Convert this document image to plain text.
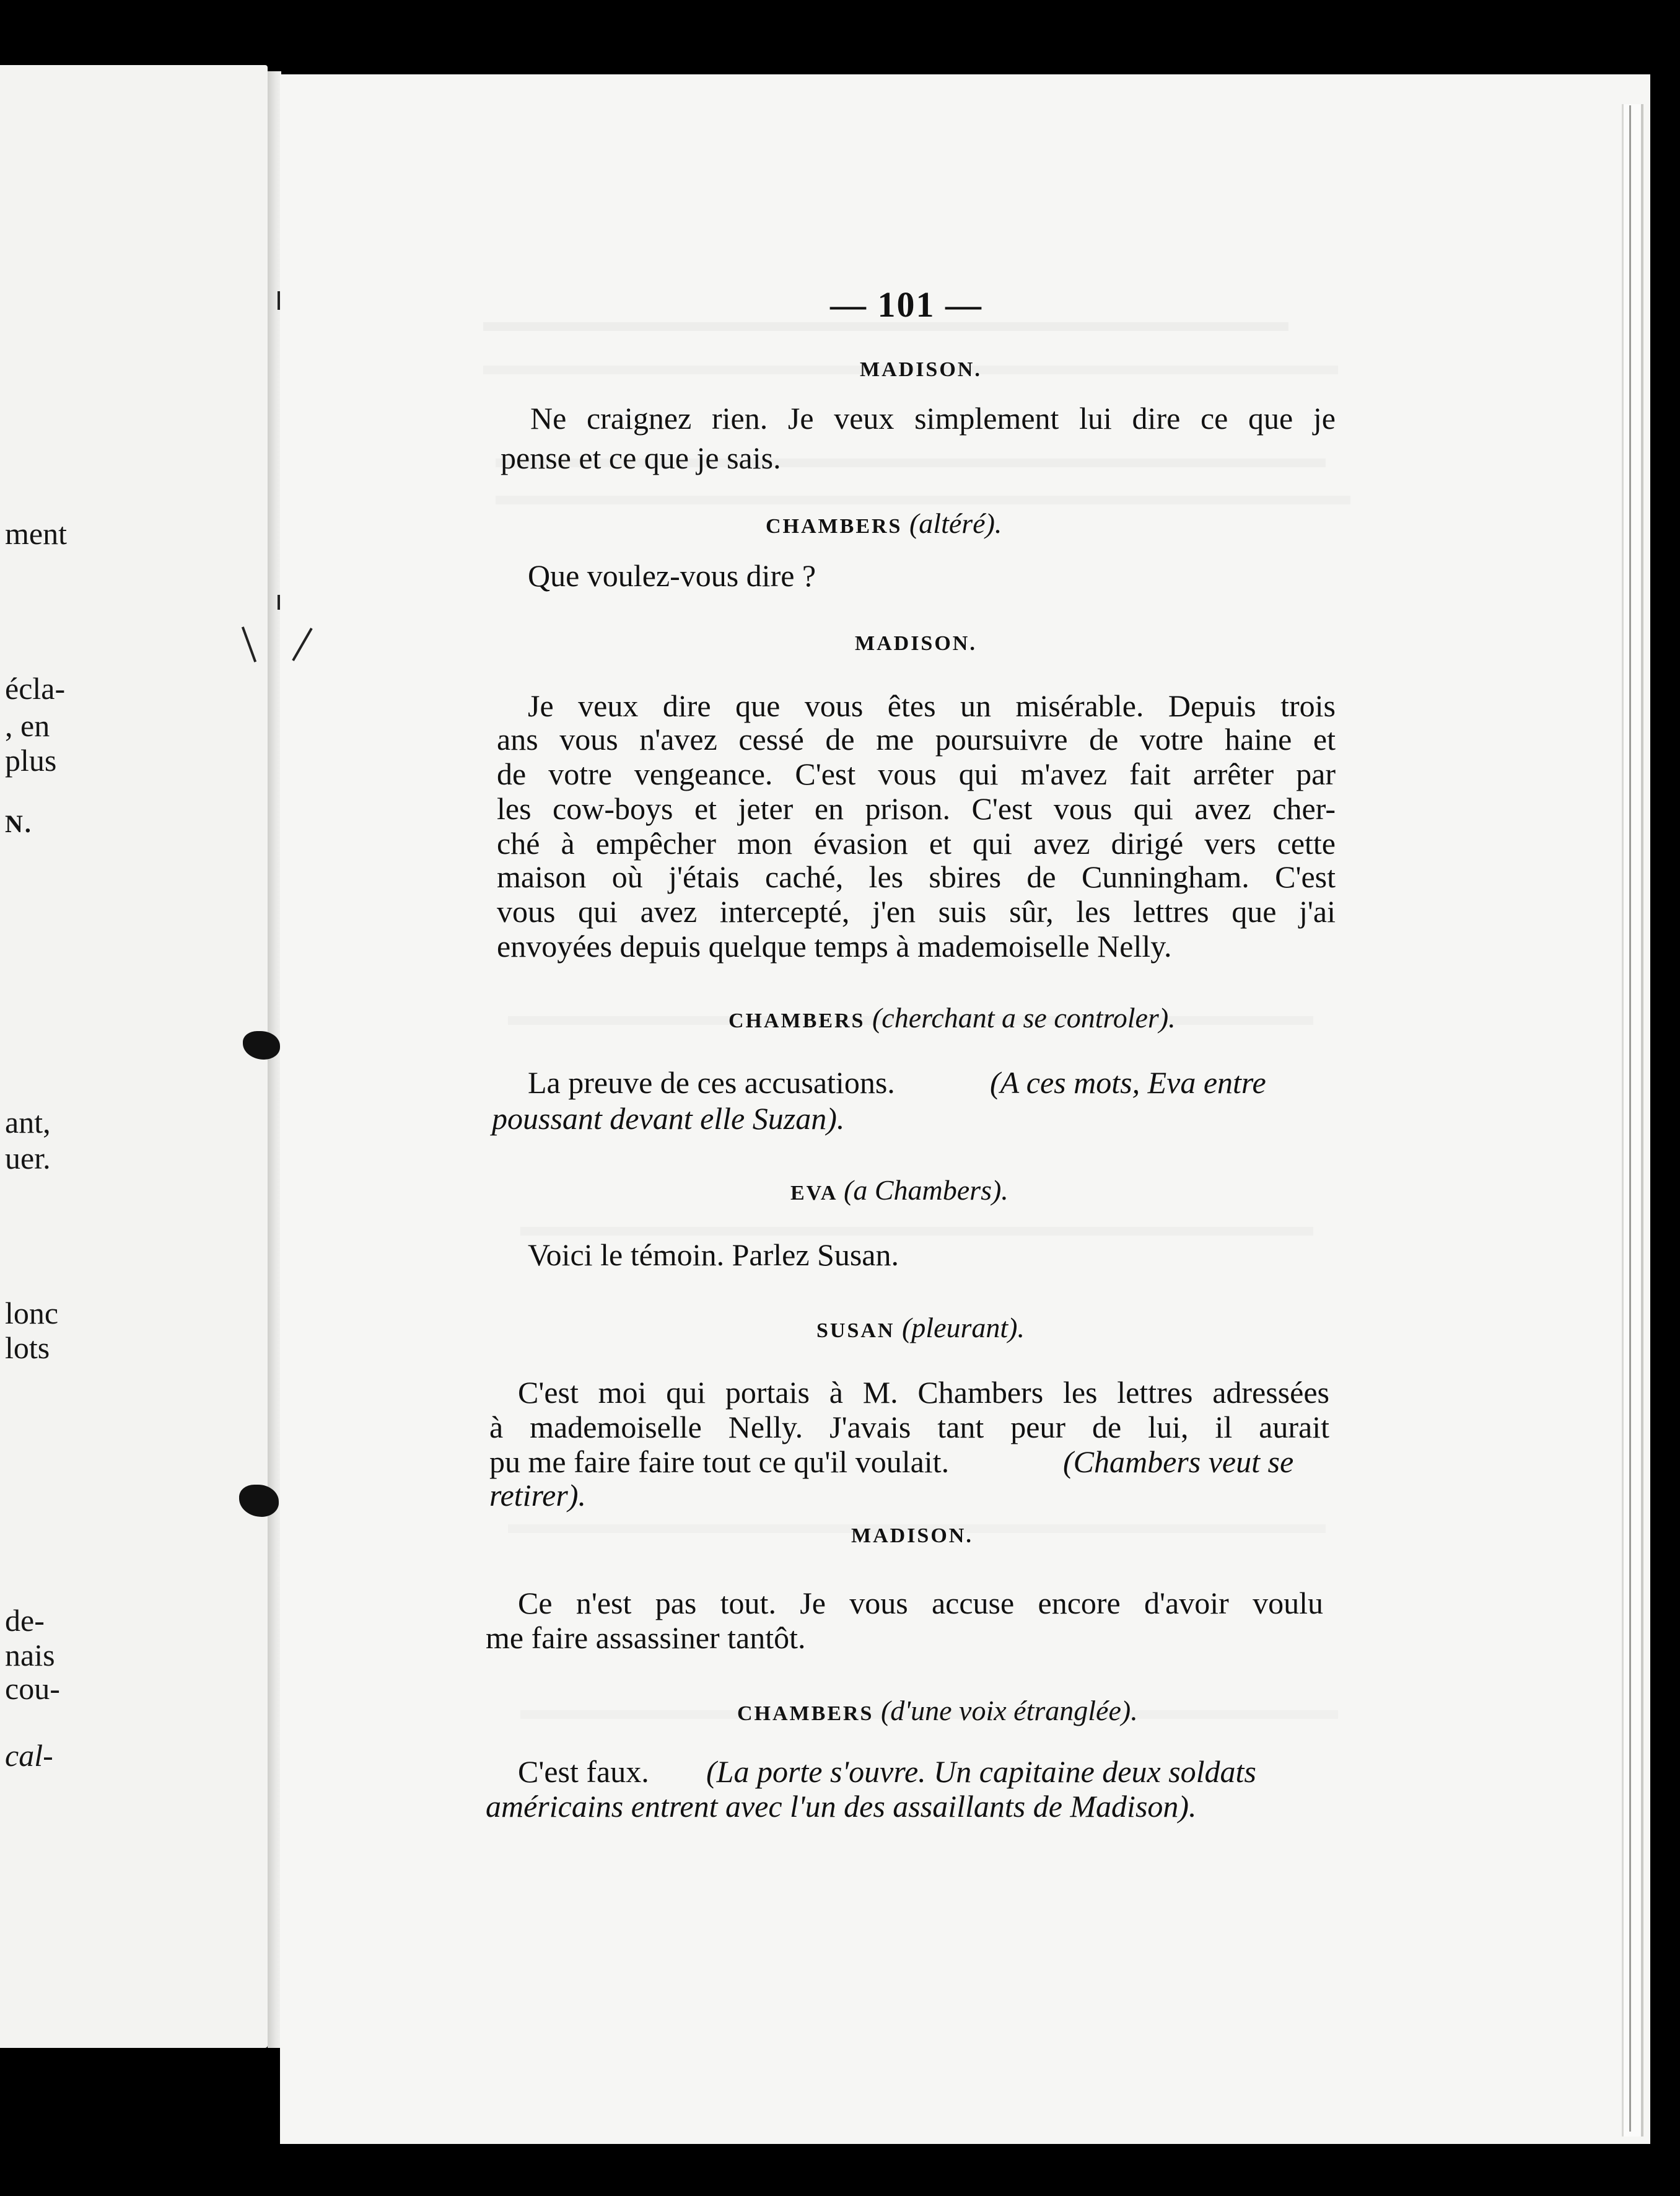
ment
écla-
, en
plus
N.
ant,
uer.
lonc
lots
de-
nais
cou-
cal-
— 101 —
MADISON.
Ne craignez rien. Je veux simplement lui dire ce que je
pense et ce que je sais.
CHAMBERS (altéré).
Que voulez-vous dire ?
MADISON.
Je veux dire que vous êtes un misérable. Depuis trois
ans vous n'avez cessé de me poursuivre de votre haine et
de votre vengeance. C'est vous qui m'avez fait arrêter par
les cow-boys et jeter en prison. C'est vous qui avez cher-
ché à empêcher mon évasion et qui avez dirigé vers cette
maison où j'étais caché, les sbires de Cunningham. C'est
vous qui avez intercepté, j'en suis sûr, les lettres que j'ai
envoyées depuis quelque temps à mademoiselle Nelly.
CHAMBERS (cherchant a se controler).
La preuve de ces accusations.	(A ces mots, Eva entre
poussant devant elle Suzan).
EVA (a Chambers).
Voici le témoin. Parlez Susan.
SUSAN (pleurant).
C'est moi qui portais à M. Chambers les lettres adressées
à mademoiselle Nelly. J'avais tant peur de lui, il aurait
pu me faire faire tout ce qu'il voulait.	(Chambers veut se
retirer).
MADISON.
Ce n'est pas tout. Je vous accuse encore d'avoir voulu
me faire assassiner tantôt.
CHAMBERS (d'une voix étranglée).
C'est faux. (La porte s'ouvre. Un capitaine deux soldats
américains entrent avec l'un des assaillants de Madison).
